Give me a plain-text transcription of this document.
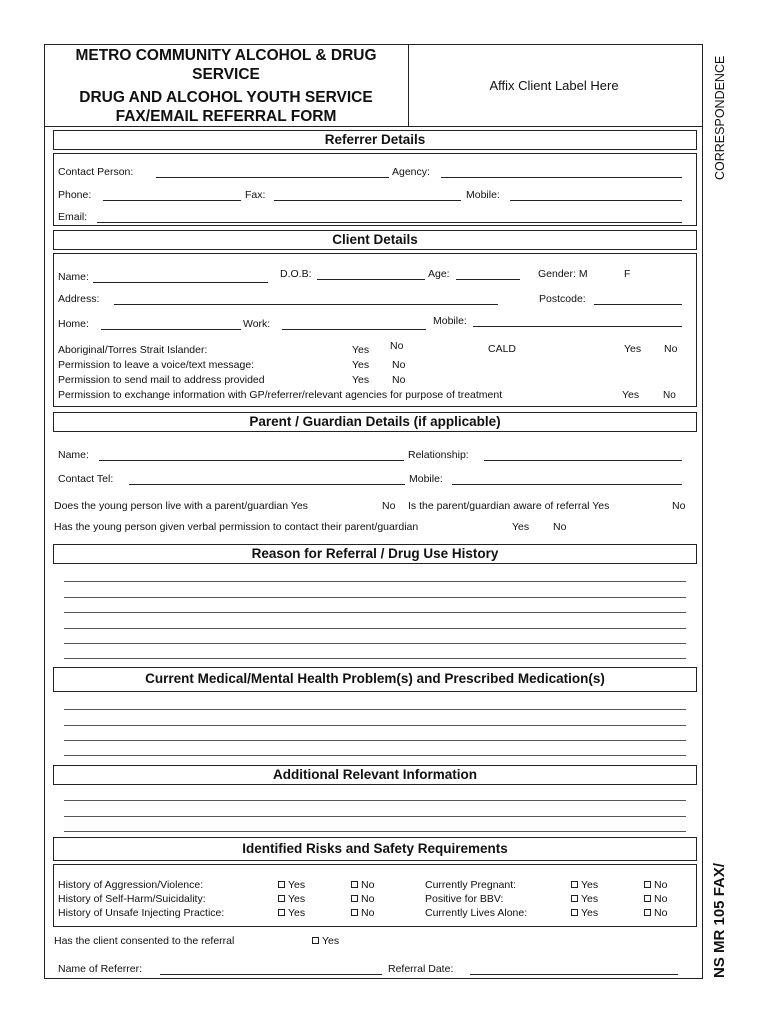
METRO COMMUNITY ALCOHOL & DRUG
SERVICE
DRUG AND ALCOHOL YOUTH SERVICE
FAX/EMAIL REFERRAL FORM
Affix Client Label Here	CORRESPONDENCE
NS MR 105 FAX/
Referrer Details
Contact Person:	Agency:
Phone:	Fax:	Mobile:
Email:
Client Details
Name:	D.O.B:	Age:	Gender: M	F
Address:	Postcode:
Home:	Work:	Mobile:
Aboriginal/Torres Strait Islander:	Yes No	CALD	Yes No
Permission to leave a voice/text message:	Yes No
Permission to send mail to address provided	Yes No
Permission to exchange information with GP/referrer/relevant agencies for purpose of treatment	Yes No
Parent / Guardian Details (if applicable)
Name:	Relationship:
Contact Tel:	Mobile:
Does the young person live with a parent/guardian Yes	No Is the parent/guardian aware of referral Yes	No
Has the young person given verbal permission to contact their parent/guardian	Yes No
Reason for Referral / Drug Use History
Current Medical/Mental Health Problem(s) and Prescribed Medication(s)
Additional Relevant Information
Identified Risks and Safety Requirements
History of Aggression/Violence:	Yes	No	Currently Pregnant:	Yes	No
History of Self-Harm/Suicidality:	Yes	No	Positive for BBV:	Yes	No
History of Unsafe Injecting Practice:	Yes	No	Currently Lives Alone:	Yes	No
Has the client consented to the referral	Yes
Name of Referrer:	Referral Date:
